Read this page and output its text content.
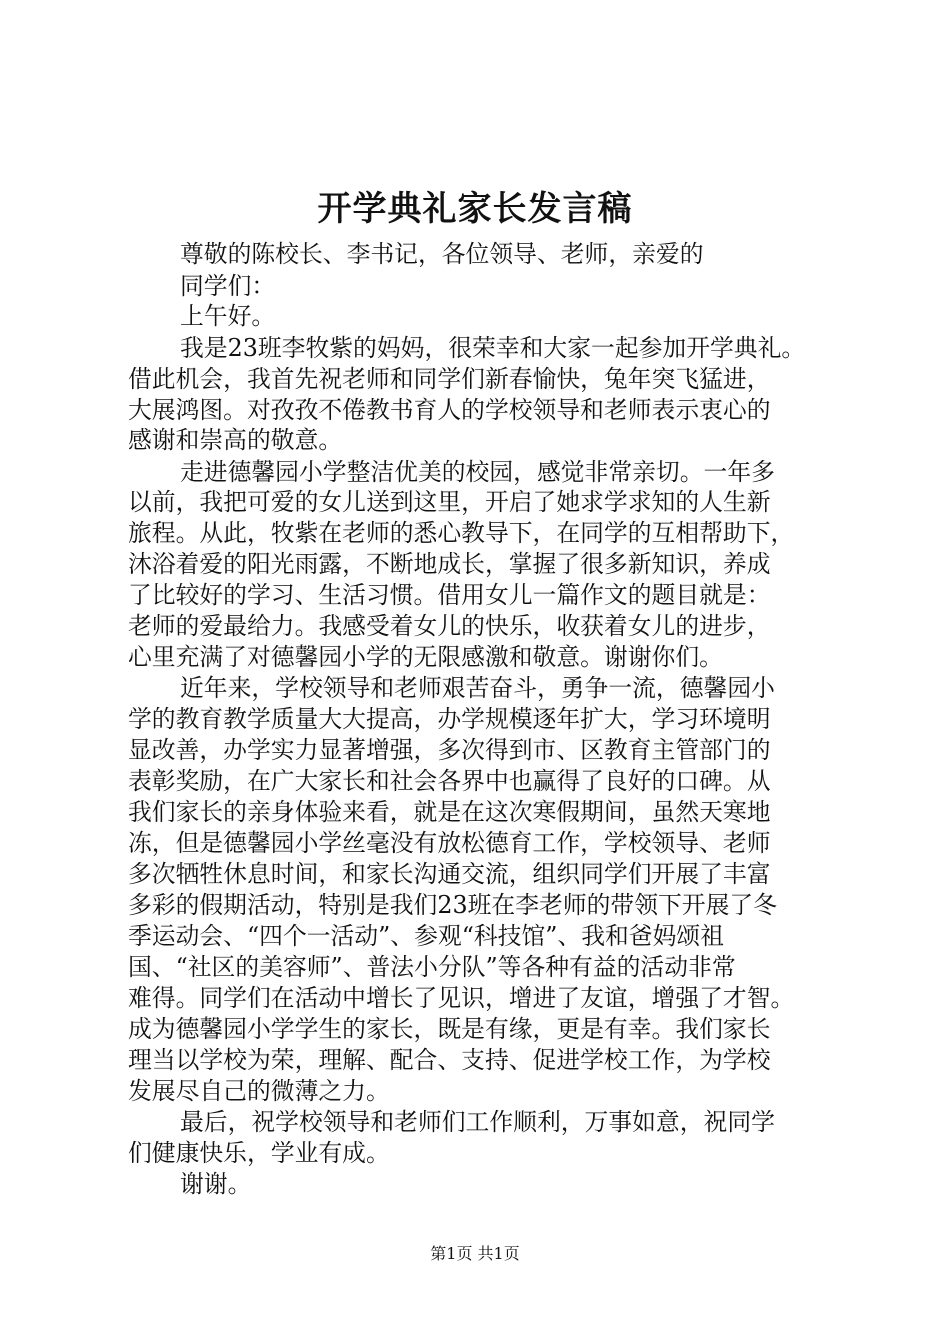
开学典礼家长发言稿

尊敬的陈校长、李书记，各位领导、老师，亲爱的

同学们：

上午好。

我是23班李牧紫的妈妈，很荣幸和大家一起参加开学典礼。

借此机会，我首先祝老师和同学们新春愉快，兔年突飞猛进，

大展鸿图。对孜孜不倦教书育人的学校领导和老师表示衷心的

感谢和崇高的敬意。

走进德馨园小学整洁优美的校园，感觉非常亲切。一年多

以前，我把可爱的女儿送到这里，开启了她求学求知的人生新

旅程。从此，牧紫在老师的悉心教导下，在同学的互相帮助下，

沐浴着爱的阳光雨露，不断地成长，掌握了很多新知识，养成

了比较好的学习、生活习惯。借用女儿一篇作文的题目就是：

老师的爱最给力。我感受着女儿的快乐，收获着女儿的进步，

心里充满了对德馨园小学的无限感激和敬意。谢谢你们。

近年来，学校领导和老师艰苦奋斗，勇争一流，德馨园小

学的教育教学质量大大提高，办学规模逐年扩大，学习环境明

显改善，办学实力显著增强，多次得到市、区教育主管部门的

表彰奖励，在广大家长和社会各界中也赢得了良好的口碑。从

我们家长的亲身体验来看，就是在这次寒假期间，虽然天寒地

冻，但是德馨园小学丝毫没有放松德育工作，学校领导、老师

多次牺牲休息时间，和家长沟通交流，组织同学们开展了丰富

多彩的假期活动，特别是我们23班在李老师的带领下开展了冬

季运动会、“四个一活动”、参观“科技馆”、我和爸妈颂祖

国、“社区的美容师”、普法小分队”等各种有益的活动非常

难得。同学们在活动中增长了见识，增进了友谊，增强了才智。

成为德馨园小学学生的家长，既是有缘，更是有幸。我们家长

理当以学校为荣，理解、配合、支持、促进学校工作，为学校

发展尽自己的微薄之力。

最后，祝学校领导和老师们工作顺利，万事如意，祝同学

们健康快乐，学业有成。

谢谢。

第1页 共1页
